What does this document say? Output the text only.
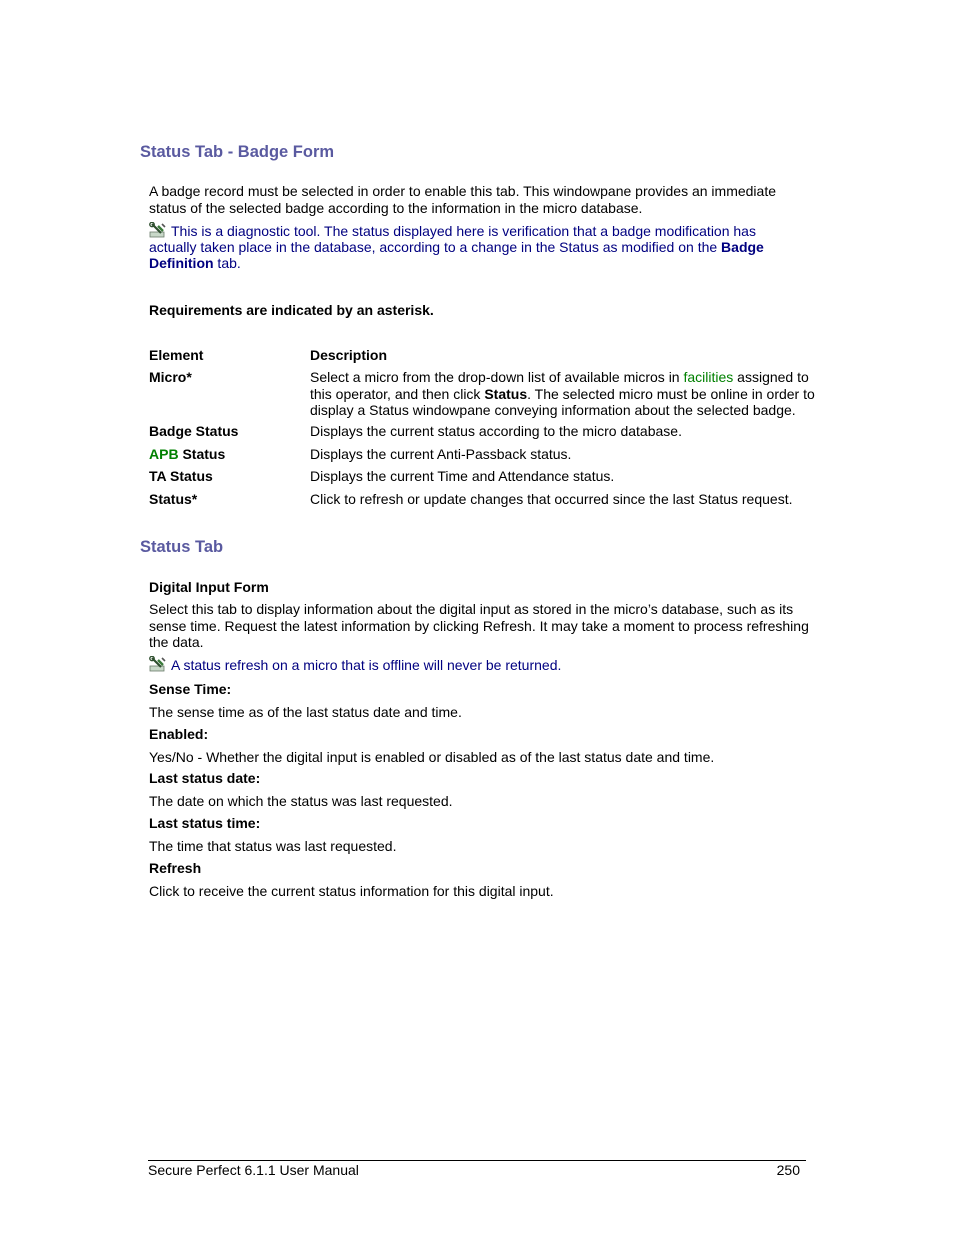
Status Tab - Badge Form
A badge record must be selected in order to enable this tab. This windowpane provides an immediate status of the selected badge according to the information in the micro database.
This is a diagnostic tool. The status displayed here is verification that a badge modification has actually taken place in the database, according to a change in the Status as modified on the Badge Definition tab.
Requirements are indicated by an asterisk.
Element	Description
Micro*	Select a micro from the drop-down list of available micros in facilities assigned to this operator, and then click Status. The selected micro must be online in order to display a Status windowpane conveying information about the selected badge.
Badge Status	Displays the current status according to the micro database.
APB Status	Displays the current Anti-Passback status.
TA Status	Displays the current Time and Attendance status.
Status*	Click to refresh or update changes that occurred since the last Status request.
Status Tab
Digital Input Form
Select this tab to display information about the digital input as stored in the micro’s database, such as its sense time. Request the latest information by clicking Refresh. It may take a moment to process refreshing the data.
A status refresh on a micro that is offline will never be returned.
Sense Time:
The sense time as of the last status date and time.
Enabled:
Yes/No - Whether the digital input is enabled or disabled as of the last status date and time.
Last status date:
The date on which the status was last requested.
Last status time:
The time that status was last requested.
Refresh
Click to receive the current status information for this digital input.
Secure Perfect 6.1.1 User Manual	250
